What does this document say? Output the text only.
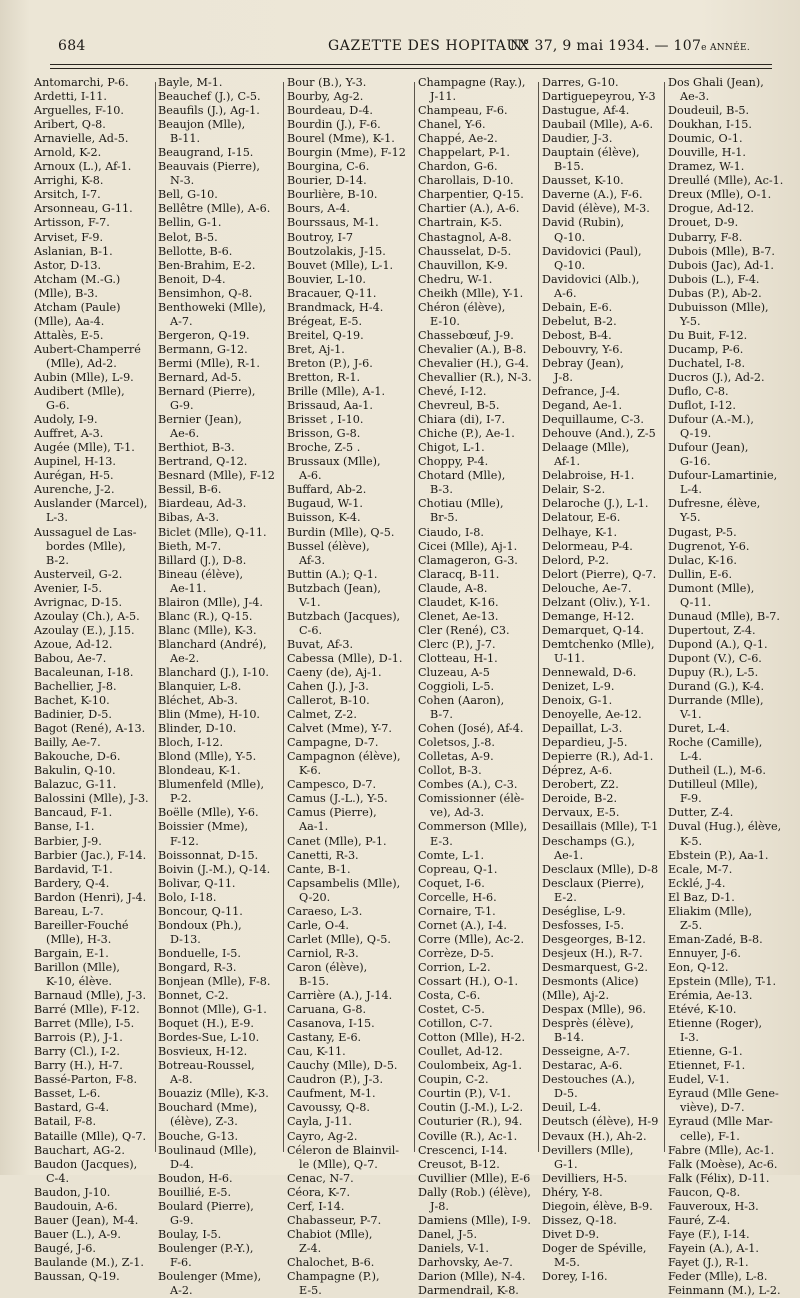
684	GAZETTE DES HOPITAUX
N° 37, 9 mai 1934. — 107e ANNÉE.
Antomarchi, P-6.
Ardetti, I-11.
Arguelles, F-10.
Aribert, Q-8.
Arnavielle, Ad-5.
Arnold, K-2.
Arnoux (L.), Af-1.
Arrighi, K-8.
Arsitch, I-7.
Arsonneau, G-11.
Artisson, F-7.
Arviset, F-9.
Aslanian, B-1.
Astor, D-13.
Atcham (M.-G.)
(Mlle), B-3.
Atcham (Paule)
(Mlle), Aa-4.
Attalès, E-5.
Aubert-Champerré
(Mlle), Ad-2.
Aubin (Mlle), L-9.
Audibert (Mlle),
G-6.
Audoly, I-9.
Auffret, A-3.
Augée (Mlle), T-1.
Aupinel, H-13.
Aurégan, H-5.
Aurenche, J-2.
Auslander (Marcel),
L-3.
Aussaguel de Las-
bordes (Mlle),
B-2.
Austerveil, G-2.
Avenier, I-5.
Avrignac, D-15.
Azoulay (Ch.), A-5.
Azoulay (E.), J.15.
Azoue, Ad-12.
Babou, Ae-7.
Bacaleunan, I-18.
Bachellier, J-8.
Bachet, K-10.
Badinier, D-5.
Bagot (René), A-13.
Bailly, Ae-7.
Bakouche, D-6.
Bakulin, Q-10.
Balazuc, G-11.
Balossini (Mlle), J-3.
Bancaud, F-1.
Banse, I-1.
Barbier, J-9.
Barbier (Jac.), F-14.
Bardavid, T-1.
Bardery, Q-4.
Bardon (Henri), J-4.
Bareau, L-7.
Bareiller-Fouché
(Mlle), H-3.
Bargain, E-1.
Barillon (Mlle),
K-10, élève.
Barnaud (Mlle), J-3.
Barré (Mlle), F-12.
Barret (Mlle), I-5.
Barrois (P.), J-1.
Barry (Cl.), I-2.
Barry (H.), H-7.
Bassé-Parton, F-8.
Basset, L-6.
Bastard, G-4.
Batail, F-8.
Bataille (Mlle), Q-7.
Bauchart, AG-2.
Baudon (Jacques),
C-4.
Baudon, J-10.
Baudouin, A-6.
Bauer (Jean), M-4.
Bauer (L.), A-9.
Baugé, J-6.
Baulande (M.), Z-1.
Baussan, Q-19.
Bayle, M-1.
Beauchef (J.), C-5.
Beaufils (J.), Ag-1.
Beaujon (Mlle),
B-11.
Beaugrand, I-15.
Beauvais (Pierre),
N-3.
Bell, G-10.
Bellêtre (Mlle), A-6.
Bellin, G-1.
Belot, B-5.
Bellotte, B-6.
Ben-Brahim, E-2.
Benoit, D-4.
Bensimhon, Q-8.
Benthoweki (Mlle),
A-7.
Bergeron, Q-19.
Bermann, G-12.
Bermi (Mlle), R-1.
Bernard, Ad-5.
Bernard (Pierre),
G-9.
Bernier (Jean),
Ae-6.
Berthiot, B-3.
Bertrand, Q-12.
Besnard (Mlle), F-12
Bessil, B-6.
Biardeau, Ad-3.
Bibas, A-3.
Biclet (Mlle), Q-11.
Bieth, M-7.
Billard (J.), D-8.
Bineau (élève),
Ae-11.
Blairon (Mlle), J-4.
Blanc (R.), Q-15.
Blanc (Mlle), K-3.
Blanchard (André),
Ae-2.
Blanchard (J.), I-10.
Blanquier, L-8.
Bléchet, Ab-3.
Blin (Mme), H-10.
Blinder, D-10.
Bloch, I-12.
Blond (Mlle), Y-5.
Blondeau, K-1.
Blumenfeld (Mlle),
P-2.
Boëlle (Mlle), Y-6.
Boissier (Mme),
F-12.
Boissonnat, D-15.
Boivin (J.-M.), Q-14.
Bolivar, Q-11.
Bolo, I-18.
Boncour, Q-11.
Bondoux (Ph.),
D-13.
Bonduelle, I-5.
Bongard, R-3.
Bonjean (Mlle), F-8.
Bonnet, C-2.
Bonnot (Mlle), G-1.
Boquet (H.), E-9.
Bordes-Sue, L-10.
Bosvieux, H-12.
Botreau-Roussel,
A-8.
Bouaziz (Mlle), K-3.
Bouchard (Mme),
(élève), Z-3.
Bouche, G-13.
Boulinaud (Mlle),
D-4.
Boudon, H-6.
Bouillié, E-5.
Boulard (Pierre),
G-9.
Boulay, I-5.
Boulenger (P.-Y.),
F-6.
Boulenger (Mme),
A-2.
Bour (B.), Y-3.
Bourby, Ag-2.
Bourdeau, D-4.
Bourdin (J.), F-6.
Bourel (Mme), K-1.
Bourgin (Mme), F-12
Bourgina, C-6.
Bourier, D-14.
Bourlière, B-10.
Bours, A-4.
Bourssaus, M-1.
Boutroy, I-7
Boutzolakis, J-15.
Bouvet (Mlle), L-1.
Bouvier, L-10.
Bracauer, Q-11.
Brandmack, H-4.
Brégeat, E-5.
Breitel, Q-19.
Bret, Aj-1.
Breton (P.), J-6.
Bretton, R-1.
Brille (Mlle), A-1.
Brissaud, Aa-1.
Brisset , I-10.
Brisson, G-8.
Broche, Z-5 .
Brussaux (Mlle),
A-6.
Buffard, Ab-2.
Bugaud, W-1.
Buisson, K-4.
Burdin (Mlle), Q-5.
Bussel (élève),
Af-3.
Buttin (A.); Q-1.
Butzbach (Jean),
V-1.
Butzbach (Jacques),
C-6.
Buvat, Af-3.
Cabessa (Mlle), D-1.
Caeny (de), Aj-1.
Cahen (J.), J-3.
Callerot, B-10.
Calmet, Z-2.
Calvet (Mme), Y-7.
Campagne, D-7.
Campagnon (élève),
K-6.
Campesco, D-7.
Camus (J.-L.), Y-5.
Camus (Pierre),
Aa-1.
Canet (Mlle), P-1.
Canetti, R-3.
Cante, B-1.
Capsambelis (Mlle),
Q-20.
Caraeso, L-3.
Carle, O-4.
Carlet (Mlle), Q-5.
Carniol, R-3.
Caron (élève),
B-15.
Carrière (A.), J-14.
Caruana, G-8.
Casanova, I-15.
Castany, E-6.
Cau, K-11.
Cauchy (Mlle), D-5.
Caudron (P.), J-3.
Caufment, M-1.
Cavoussy, Q-8.
Cayla, J-11.
Cayro, Ag-2.
Céleron de Blainvil-
le (Mlle), Q-7.
Cenac, N-7.
Céora, K-7.
Cerf, I-14.
Chabasseur, P-7.
Chabiot (Mlle),
Z-4.
Chalochet, B-6.
Champagne (P.),
E-5.
Champagne (Ray.),
J-11.
Champeau, F-6.
Chanel, Y-6.
Chappé, Ae-2.
Chappelart, P-1.
Chardon, G-6.
Charollais, D-10.
Charpentier, Q-15.
Chartier (A.), A-6.
Chartrain, K-5.
Chastagnol, A-8.
Chausselat, D-5.
Chauvillon, K-9.
Chedru, W-1.
Cheikh (Mlle), Y-1.
Chéron (élève),
E-10.
Chassebœuf, J-9.
Chevalier (A.), B-8.
Chevalier (H.), G-4.
Chevallier (R.), N-3.
Chevé, I-12.
Chevreul, B-5.
Chiara (di), I-7.
Chiche (P.), Ae-1.
Chigot, L-1.
Choppy, P-4.
Chotard (Mlle),
B-3.
Chotiau (Mlle),
Br-5.
Ciaudo, I-8.
Cicei (Mlle), Aj-1.
Clamageron, G-3.
Claracq, B-11.
Claude, A-8.
Claudet, K-16.
Clenet, Ae-13.
Cler (René), C3.
Clerc (P.), J-7.
Clotteau, H-1.
Cluzeau, A-5
Coggioli, L-5.
Cohen (Aaron),
B-7.
Cohen (José), Af-4.
Coletsos, J.-8.
Colletas, A-9.
Collot, B-3.
Combes (A.), C-3.
Comissionner (élè-
ve), Ad-3.
Commerson (Mlle),
E-3.
Comte, L-1.
Copreau, Q-1.
Coquet, I-6.
Corcelle, H-6.
Cornaire, T-1.
Cornet (A.), I-4.
Corre (Mlle), Ac-2.
Corrèze, D-5.
Corrion, L-2.
Cossart (H.), O-1.
Costa, C-6.
Costet, C-5.
Cotillon, C-7.
Cotton (Mlle), H-2.
Coullet, Ad-12.
Coulombeix, Ag-1.
Coupin, C-2.
Courtin (P.), V-1.
Coutin (J.-M.), L-2.
Couturier (R.), 94.
Coville (R.), Ac-1.
Crescenci, I-14.
Creusot, B-12.
Cuvillier (Mlle), E-6
Dally (Rob.) (élève),
J-8.
Damiens (Mlle), I-9.
Danel, J-5.
Daniels, V-1.
Darhovsky, Ae-7.
Darion (Mlle), N-4.
Darmendrail, K-8.
Darres, G-10.
Dartiguepeyrou, Y-3
Dastugue, Af-4.
Daubail (Mlle), A-6.
Daudier, J-3.
Dauptain (élève),
B-15.
Dausset, K-10.
Daverne (A.), F-6.
David (élève), M-3.
David (Rubin),
Q-10.
Davidovici (Paul),
Q-10.
Davidovici (Alb.),
A-6.
Debain, E-6.
Debelut, B-2.
Debost, B-4.
Debouvry, Y-6.
Debray (Jean),
J-8.
Defrance, J-4.
Degand, Ae-1.
Dequillaume, C-3.
Dehouve (And.), Z-5
Delaage (Mlle),
Af-1.
Delabroise, H-1.
Delair, S-2.
Delaroche (J.), L-1.
Delatour, E-6.
Delhaye, K-1.
Delormeau, P-4.
Delord, P-2.
Delort (Pierre), Q-7.
Delouche, Ae-7.
Delzant (Oliv.), Y-1.
Demange, H-12.
Demarquet, Q-14.
Demtchenko (Mlle),
U-11.
Dennewald, D-6.
Denizet, L-9.
Denoix, G-1.
Denoyelle, Ae-12.
Depaillat, L-3.
Depardieu, J-5.
Depierre (R.), Ad-1.
Déprez, A-6.
Derobert, Z2.
Deroide, B-2.
Dervaux, E-5.
Desaillais (Mlle), T-1
Deschamps (G.),
Ae-1.
Desclaux (Mlle), D-8
Desclaux (Pierre),
E-2.
Deséglise, L-9.
Desfosses, I-5.
Desgeorges, B-12.
Desjeux (H.), R-7.
Desmarquest, G-2.
Desmonts (Alice)
(Mlle), Aj-2.
Despax (Mlle), 96.
Desprès (élève),
B-14.
Desseigne, A-7.
Destarac, A-6.
Destouches (A.),
D-5.
Deuil, L-4.
Deutsch (élève), H-9
Devaux (H.), Ah-2.
Devillers (Mlle),
G-1.
Devilliers, H-5.
Dhéry, Y-8.
Diegoin, élève, B-9.
Dissez, Q-18.
Divet D-9.
Doger de Spéville,
M-5.
Dorey, I-16.
Dos Ghali (Jean),
Ae-3.
Doudeuil, B-5.
Doukhan, I-15.
Doumic, O-1.
Douville, H-1.
Dramez, W-1.
Dreullé (Mlle), Ac-1.
Dreux (Mlle), O-1.
Drogue, Ad-12.
Drouet, D-9.
Dubarry, F-8.
Dubois (Mlle), B-7.
Dubois (Jac), Ad-1.
Dubois (L.), F-4.
Dubas (P.), Ab-2.
Dubuisson (Mlle),
Y-5.
Du Buit, F-12.
Ducamp, P-6.
Duchatel, I-8.
Ducros (J.), Ad-2.
Duflo, C-8.
Duflot, I-12.
Dufour (A.-M.),
Q-19.
Dufour (Jean),
G-16.
Dufour-Lamartinie,
L-4.
Dufresne, élève,
Y-5.
Dugast, P-5.
Dugrenot, Y-6.
Dulac, K-16.
Dullin, E-6.
Dumont (Mlle),
Q-11.
Dunaud (Mlle), B-7.
Dupertout, Z-4.
Dupond (A.), Q-1.
Dupont (V.), C-6.
Dupuy (R.), L-5.
Durand (G.), K-4.
Durrande (Mlle),
V-1.
Duret, L-4.
Roche (Camille),
L-4.
Dutheil (L.), M-6.
Dutilleul (Mlle),
F-9.
Dutter, Z-4.
Duval (Hug.), élève,
K-5.
Ebstein (P.), Aa-1.
Ecale, M-7.
Ecklé, J-4.
El Baz, D-1.
Eliakim (Mlle),
Z-5.
Eman-Zadé, B-8.
Ennuyer, J-6.
Eon, Q-12.
Epstein (Mlle), T-1.
Erémia, Ae-13.
Etévé, K-10.
Etienne (Roger),
I-3.
Etienne, G-1.
Etiennet, F-1.
Eudel, V-1.
Eyraud (Mlle Gene-
viève), D-7.
Eyraud (Mlle Mar-
celle), F-1.
Fabre (Mlle), Ac-1.
Falk (Moèse), Ac-6.
Falk (Félix), D-11.
Faucon, Q-8.
Fauveroux, H-3.
Fauré, Z-4.
Faye (F.), I-14.
Fayein (A.), A-1.
Fayet (J.), R-1.
Feder (Mlle), L-8.
Feinmann (M.), L-2.
